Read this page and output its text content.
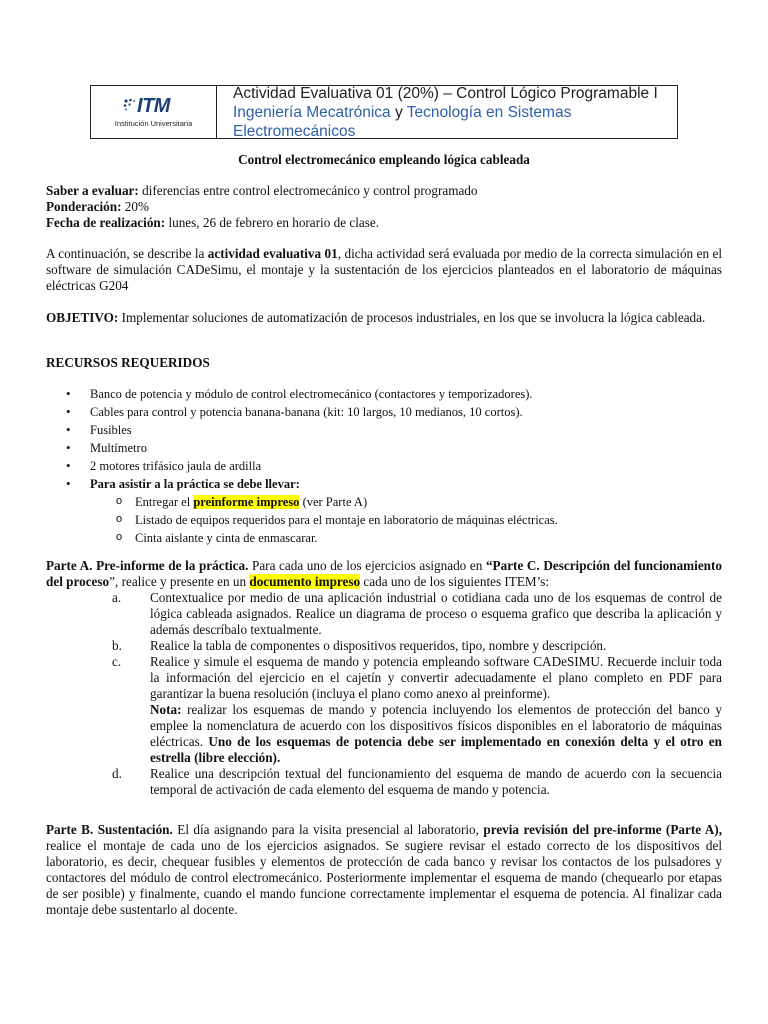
ITM
Institución Universitaria
Actividad Evaluativa 01 (20%) – Control Lógico Programable I
Ingeniería Mecatrónica y Tecnología en Sistemas Electromecánicos
Control electromecánico empleando lógica cableada

Saber a evaluar: diferencias entre control electromecánico y control programado

Ponderación: 20%

Fecha de realización: lunes, 26 de febrero en horario de clase.

A continuación, se describe la actividad evaluativa 01, dicha actividad será evaluada por medio de la correcta simulación en el software de simulación CADeSimu, el montaje y la sustentación de los ejercicios planteados en el laboratorio de máquinas eléctricas G204

OBJETIVO: Implementar soluciones de automatización de procesos industriales, en los que se involucra la lógica cableada.

RECURSOS REQUERIDOS

• Banco de potencia y módulo de control electromecánico (contactores y temporizadores).
• Cables para control y potencia banana-banana (kit: 10 largos, 10 medianos, 10 cortos).
• Fusibles
• Multímetro
• 2 motores trifásico jaula de ardilla
• Para asistir a la práctica se debe llevar:
o Entregar el preinforme impreso (ver Parte A)
o Listado de equipos requeridos para el montaje en laboratorio de máquinas eléctricas.
o Cinta aislante y cinta de enmascarar.

Parte A. Pre-informe de la práctica. Para cada uno de los ejercicios asignado en “Parte C. Descripción del funcionamiento del proceso”, realice y presente en un documento impreso cada uno de los siguientes ITEM’s:

a. Contextualice por medio de una aplicación industrial o cotidiana cada uno de los esquemas de control de lógica cableada asignados. Realice un diagrama de proceso o esquema grafico que describa la aplicación y además descríbalo textualmente.
b. Realice la tabla de componentes o dispositivos requeridos, tipo, nombre y descripción.
c. Realice y simule el esquema de mando y potencia empleando software CADeSIMU. Recuerde incluir toda la información del ejercicio en el cajetín y convertir adecuadamente el plano completo en PDF para garantizar la buena resolución (incluya el plano como anexo al preinforme).
Nota: realizar los esquemas de mando y potencia incluyendo los elementos de protección del banco y emplee la nomenclatura de acuerdo con los dispositivos físicos disponibles en el laboratorio de máquinas eléctricas. Uno de los esquemas de potencia debe ser implementado en conexión delta y el otro en estrella (libre elección).
d. Realice una descripción textual del funcionamiento del esquema de mando de acuerdo con la secuencia temporal de activación de cada elemento del esquema de mando y potencia.

Parte B. Sustentación. El día asignando para la visita presencial al laboratorio, previa revisión del pre-informe (Parte A), realice el montaje de cada uno de los ejercicios asignados. Se sugiere revisar el estado correcto de los dispositivos del laboratorio, es decir, chequear fusibles y elementos de protección de cada banco y revisar los contactos de los pulsadores y contactores del módulo de control electromecánico. Posteriormente implementar el esquema de mando (chequearlo por etapas de ser posible) y finalmente, cuando el mando funcione correctamente implementar el esquema de potencia. Al finalizar cada montaje debe sustentarlo al docente.
